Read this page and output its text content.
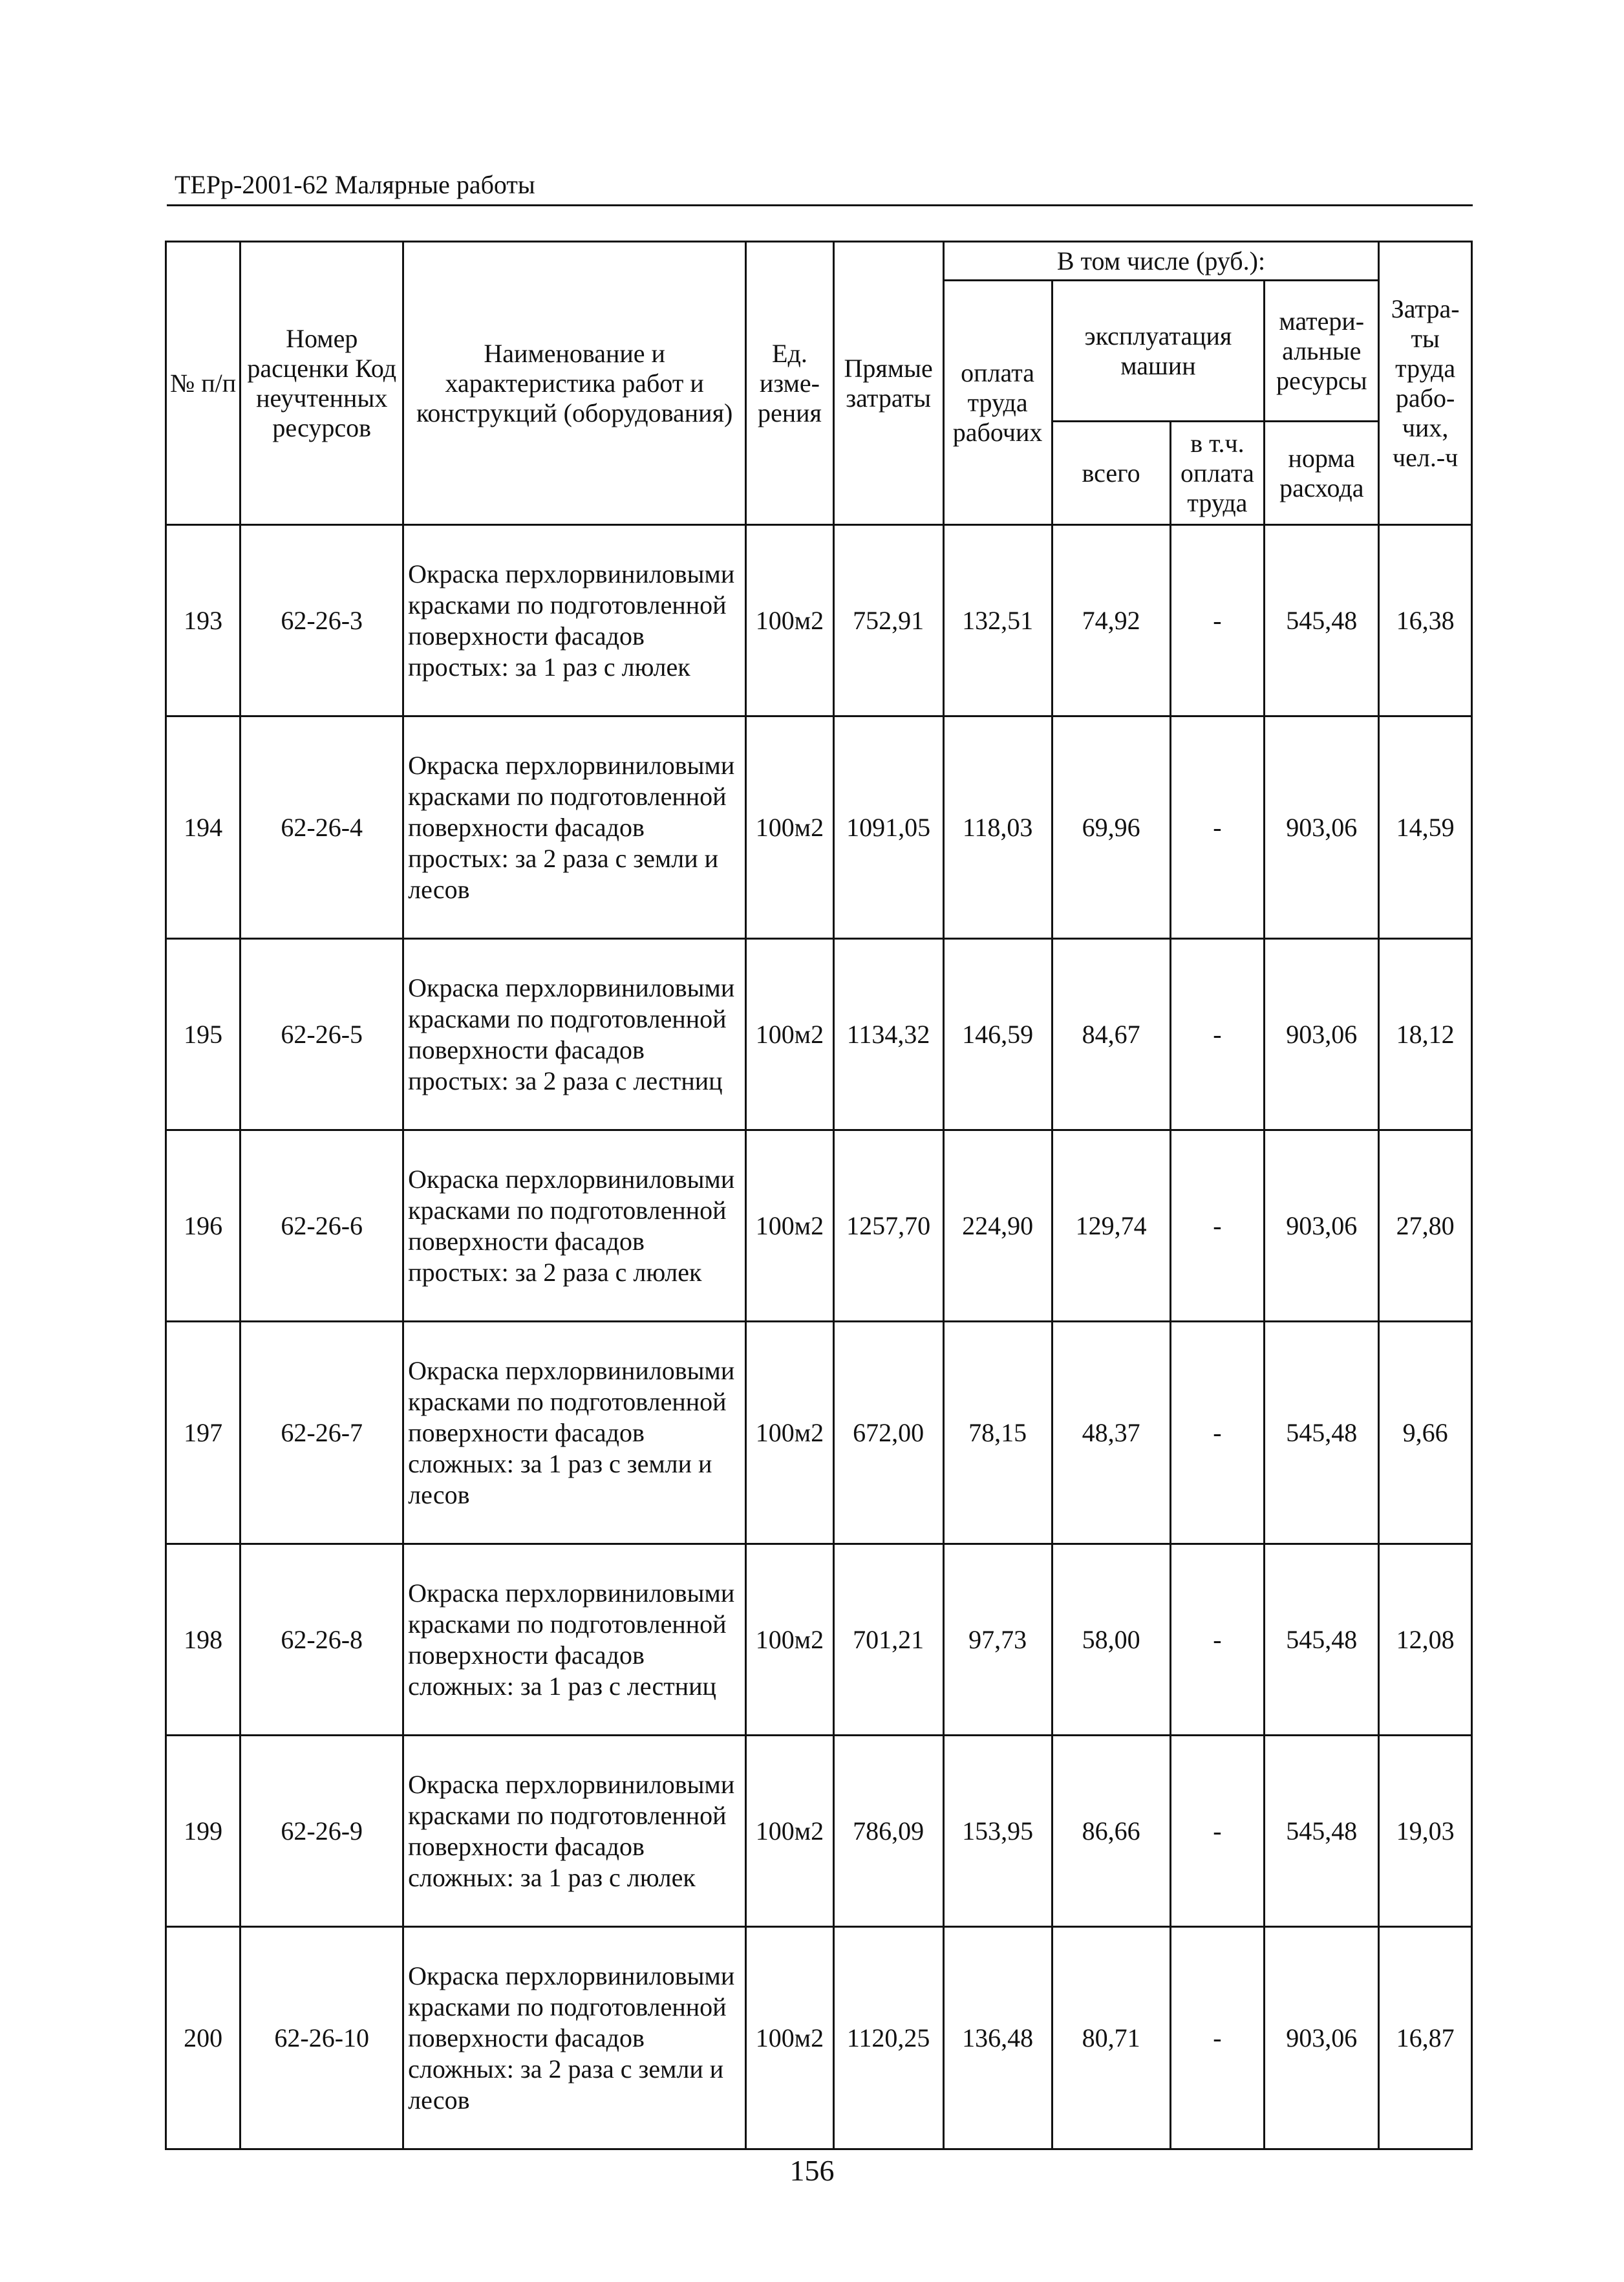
ТЕРр-2001-62 Малярные работы
№ п/п	Номер расценки Код неучтенных ресурсов	Наименование и характеристика работ и конструкций (оборудования)	Ед. изме-рения	Прямые затраты	В том числе (руб.):				Затра-ты труда рабо-чих, чел.-ч
					оплата труда рабочих	эксплуатация машин		матери-альные ресурсы	
						всего	в т.ч. оплата труда	норма расхода	
193	62-26-3	Окраска перхлорвиниловыми красками по подготовленной поверхности фасадов простых: за 1 раз с люлек	100м2	752,91	132,51	74,92	-	545,48	16,38
194	62-26-4	Окраска перхлорвиниловыми красками по подготовленной поверхности фасадов простых: за 2 раза с земли и лесов	100м2	1091,05	118,03	69,96	-	903,06	14,59
195	62-26-5	Окраска перхлорвиниловыми красками по подготовленной поверхности фасадов простых: за 2 раза с лестниц	100м2	1134,32	146,59	84,67	-	903,06	18,12
196	62-26-6	Окраска перхлорвиниловыми красками по подготовленной поверхности фасадов простых: за 2 раза с люлек	100м2	1257,70	224,90	129,74	-	903,06	27,80
197	62-26-7	Окраска перхлорвиниловыми красками по подготовленной поверхности фасадов сложных: за 1 раз с земли и лесов	100м2	672,00	78,15	48,37	-	545,48	9,66
198	62-26-8	Окраска перхлорвиниловыми красками по подготовленной поверхности фасадов сложных: за 1 раз с лестниц	100м2	701,21	97,73	58,00	-	545,48	12,08
199	62-26-9	Окраска перхлорвиниловыми красками по подготовленной поверхности фасадов сложных: за 1 раз с люлек	100м2	786,09	153,95	86,66	-	545,48	19,03
200	62-26-10	Окраска перхлорвиниловыми красками по подготовленной поверхности фасадов сложных: за 2 раза с земли и лесов	100м2	1120,25	136,48	80,71	-	903,06	16,87
156
